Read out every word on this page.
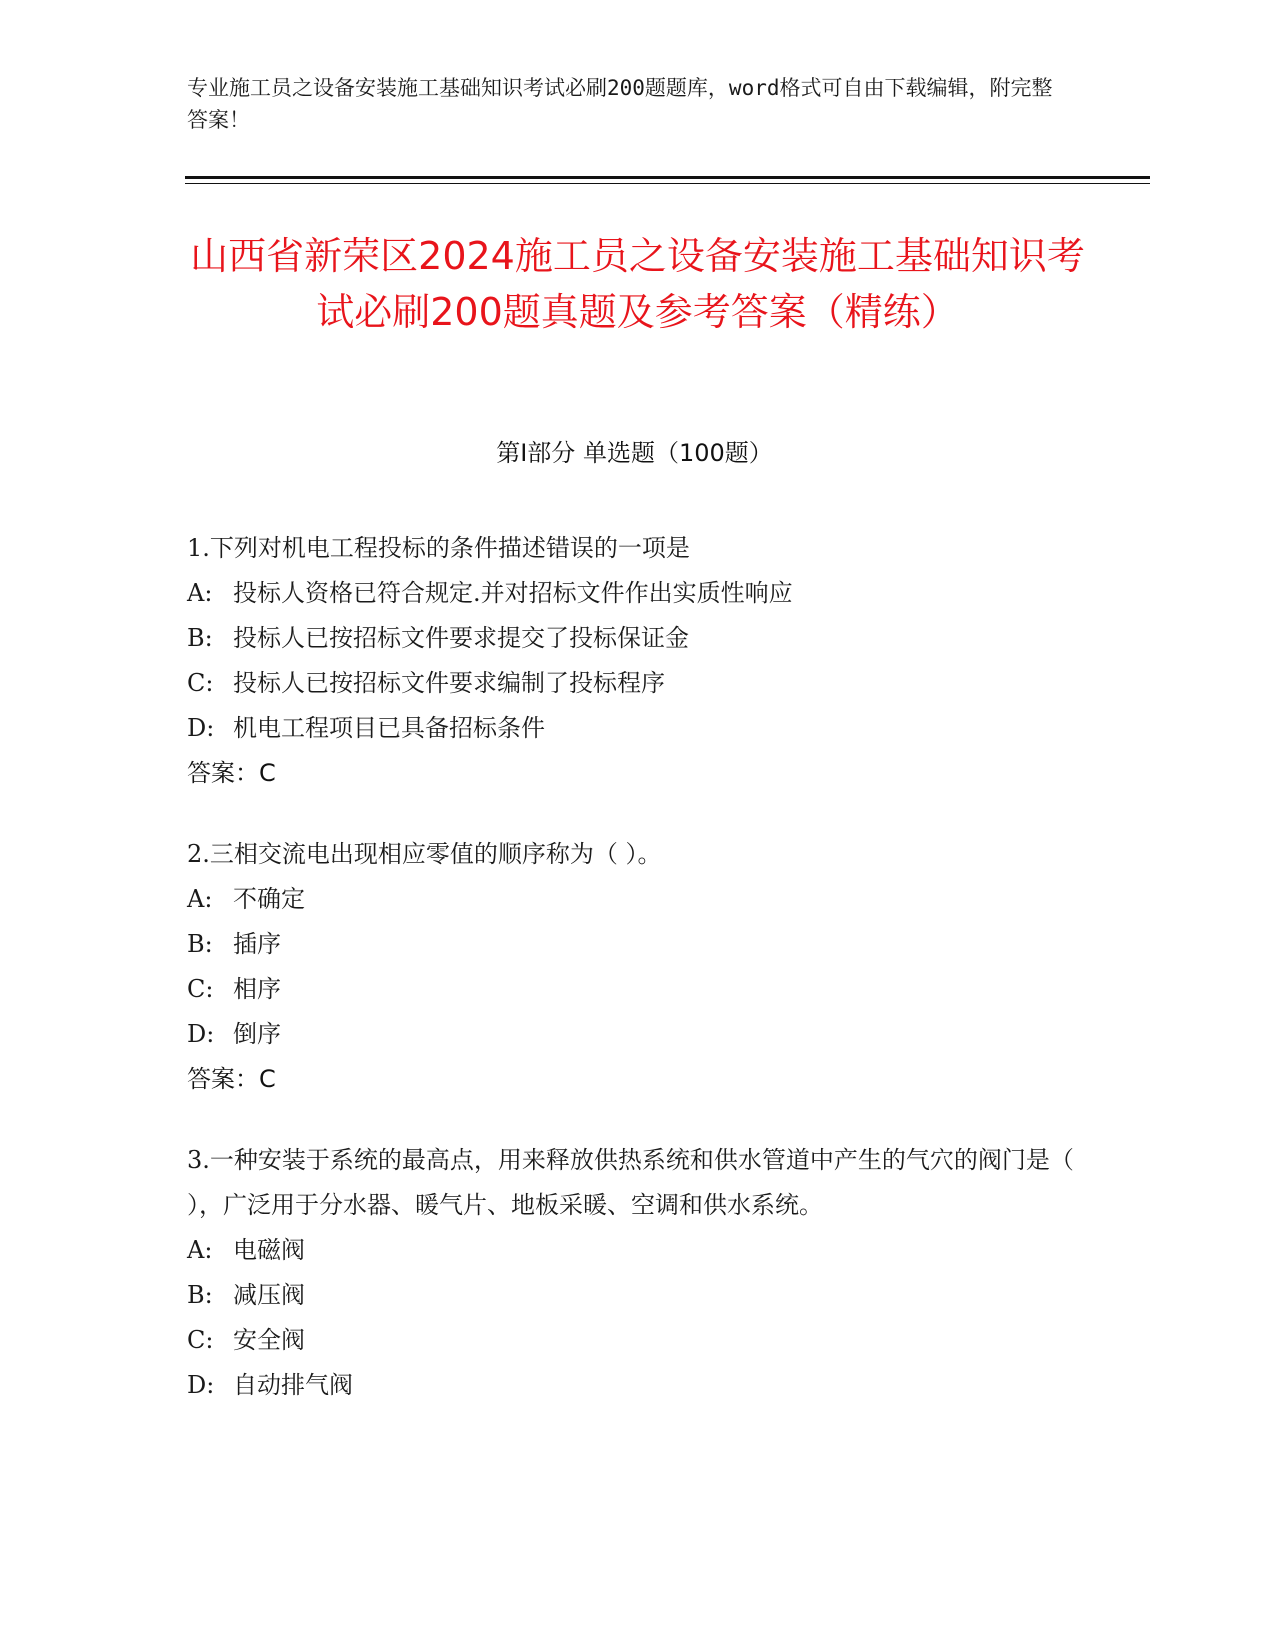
专业施工员之设备安装施工基础知识考试必刷200题题库，word格式可自由下载编辑，附完整答案！
山西省新荣区2024施工员之设备安装施工基础知识考试必刷200题真题及参考答案（精练）
第Ⅰ部分 单选题（100题）
1.下列对机电工程投标的条件描述错误的一项是
A: 投标人资格已符合规定.并对招标文件作出实质性响应
B: 投标人已按招标文件要求提交了投标保证金
C: 投标人已按招标文件要求编制了投标程序
D: 机电工程项目已具备招标条件
答案：C
2.三相交流电出现相应零值的顺序称为（ ）。
A: 不确定
B: 插序
C: 相序
D: 倒序
答案：C
3.一种安装于系统的最高点，用来释放供热系统和供水管道中产生的气穴的阀门是（ ），广泛用于分水器、暖气片、地板采暖、空调和供水系统。
A: 电磁阀
B: 减压阀
C: 安全阀
D: 自动排气阀
